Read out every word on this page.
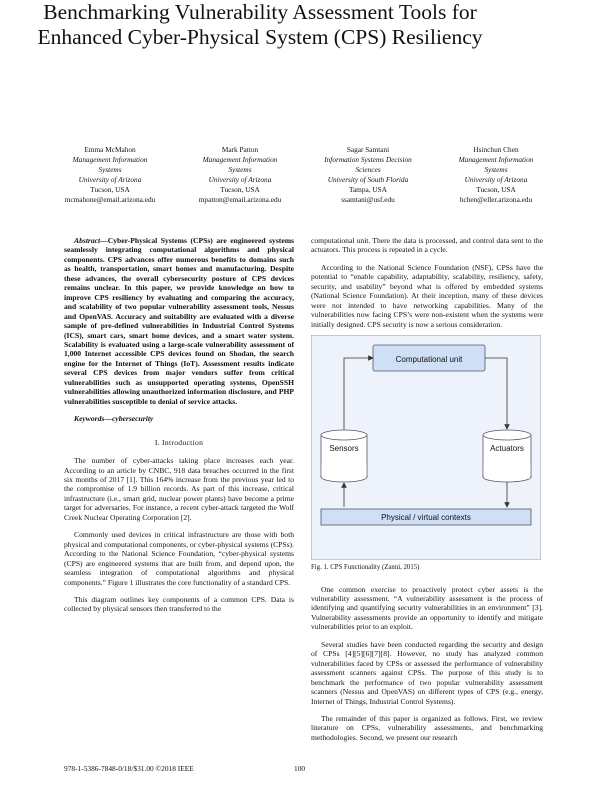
Benchmarking Vulnerability Assessment Tools for
Enhanced Cyber-Physical System (CPS) Resiliency
Emma McMahon
Management Information
Systems
University of Arizona
Tucson, USA
mcmahone@email.arizona.edu
Mark Patton
Management Information
Systems
University of Arizona
Tucson, USA
mpatton@email.arizona.edu
Sagar Samtani
Information Systems Decision
Sciences
University of South Florida
Tampa, USA
ssamtani@usf.edu
Hsinchun Chen
Management Information
Systems
University of Arizona
Tucson, USA
hchen@eller.arizona.edu

Abstract—Cyber-Physical Systems (CPSs) are engineered systems seamlessly integrating computational algorithms and physical components. CPS advances offer numerous benefits to domains such as health, transportation, smart homes and manufacturing. Despite these advances, the overall cybersecurity posture of CPS devices remains unclear. In this paper, we provide knowledge on how to improve CPS resiliency by evaluating and comparing the accuracy, and scalability of two popular vulnerability assessment tools, Nessus and OpenVAS. Accuracy and suitability are evaluated with a diverse sample of pre-defined vulnerabilities in Industrial Control Systems (ICS), smart cars, smart home devices, and a smart water system. Scalability is evaluated using a large-scale vulnerability assessment of 1,000 Internet accessible CPS devices found on Shodan, the search engine for the Internet of Things (IoT). Assessment results indicate several CPS devices from major vendors suffer from critical vulnerabilities such as unsupported operating systems, OpenSSH vulnerabilities allowing unauthorized information disclosure, and PHP vulnerabilities susceptible to denial of service attacks.

Keywords—cybersecurity

I. Introduction

The number of cyber-attacks taking place increases each year. According to an article by CNBC, 918 data breaches occurred in the first six months of 2017 [1]. This 164% increase from the previous year led to the compromise of 1.9 billion records. As part of this increase, critical infrastructure (i.e., smart grid, nuclear power plants) have become a prime target for adversaries. For instance, a recent cyber-attack targeted the Wolf Creek Nuclear Operating Corporation [2].

Commonly used devices in critical infrastructure are those with both physical and computational components, or cyber-physical systems (CPSs). According to the National Science Foundation, “cyber-physical systems (CPS) are engineered systems that are built from, and depend upon, the seamless integration of computational algorithms and physical components.” Figure 1 illustrates the core functionality of a standard CPS.

This diagram outlines key components of a common CPS. Data is collected by physical sensors then transferred to the

computational unit. There the data is processed, and control data sent to the actuators. This process is repeated in a cycle.

According to the National Science Foundation (NSF), CPSs have the potential to “enable capability, adaptability, scalability, resiliency, safety, security, and usability” beyond what is offered by embedded systems (National Science Foundation). At their inception, many of these devices were not intended to have networking capabilities. Many of the vulnerabilities now facing CPS’s were non-existent when the systems were initially designed. CPS security is now a serious consideration.

Computational unit
Sensors	Actuators
Physical / virtual contexts

Fig. 1. CPS Functionality (Zanni, 2015)

One common exercise to proactively protect cyber assets is the vulnerability assessment. “A vulnerability assessment is the process of identifying and quantifying security vulnerabilities in an environment” [3]. Vulnerability assessments provide an opportunity to identify and mitigate vulnerabilities prior to an exploit.

Several studies have been conducted regarding the security and design of CPSs [4][5][6][7][8]. However, no study has analyzed common vulnerabilities faced by CPSs or assessed the performance of vulnerability assessment scanners against CPSs. The purpose of this study is to benchmark the performance of two popular vulnerability assessment scanners (Nessus and OpenVAS) on different types of CPS (e.g., energy, Internet of Things, Industrial Control Systems).

The remainder of this paper is organized as follows. First, we review literature on CPSs, vulnerability assessments, and benchmarking methodologies. Second, we present our research

978-1-5386-7848-0/18/$31.00 ©2018 IEEE	100
